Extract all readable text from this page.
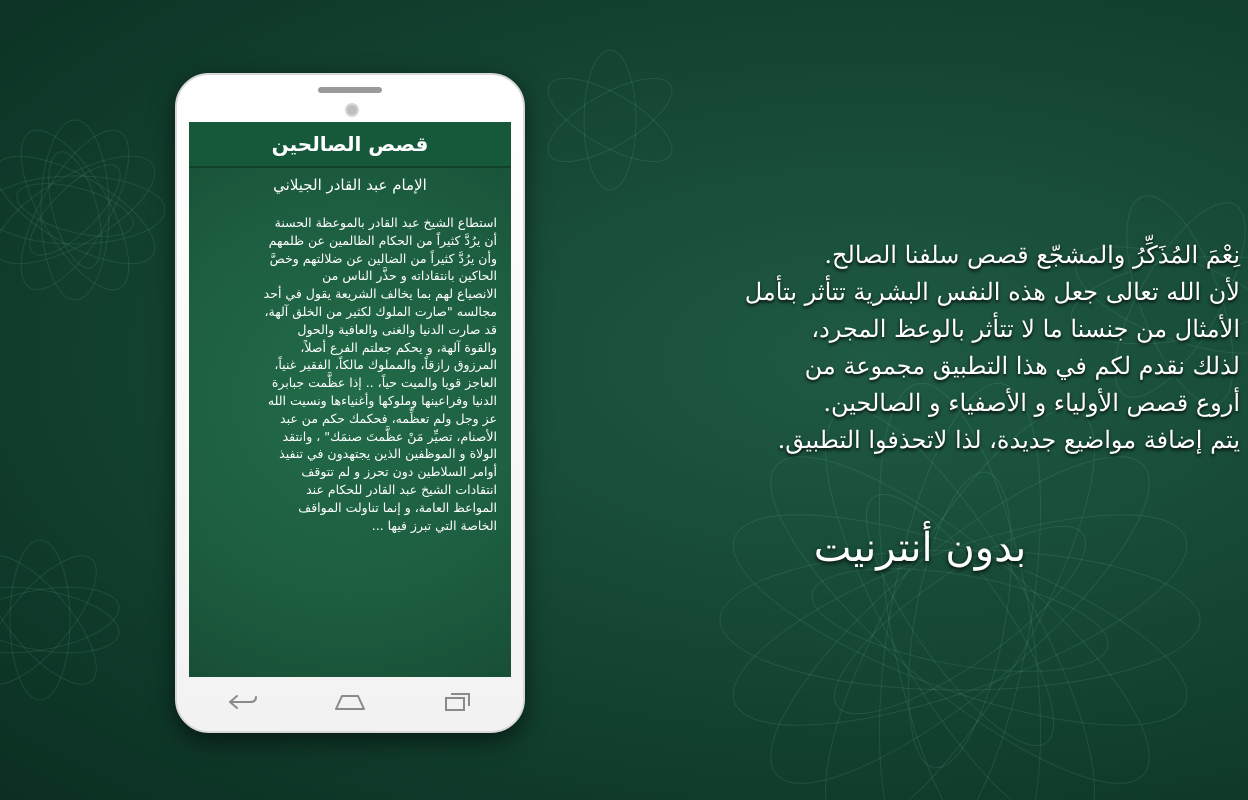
قصص الصالحين
الإمام عبد القادر الجيلاني
استطاع الشيخ عبد القادر بالموعظة الحسنة
أن يرُدَّ كثيراً من الحكام الظالمين عن ظلمهم
وأن يرُدَّ كثيراً من الضالين عن ضلالتهم وخصَّ
الحاكين بانتقاداته و حذَّر الناس من
الانصياع لهم بما يخالف الشريعة يقول في أحد
مجالسه "صارت الملوك لكثير من الخلق آلهة،
قد صارت الدنيا والغنى والعافية والحول
والقوة آلهة، و يحكم جعلتم الفرع أصلاً،
المرزوق رازقاً، والمملوك مالكاً، الفقير غنياً،
العاجز قويا والميت حياً، .. إذا عظَّمت جبابرة
الدنيا وفراعينها وملوكها وأغنياءها ونسيت الله
عز وجل ولم تعظِّمه، فحكمك حكم من عبد
الأصنام، تصيِّر مَنْ عظَّمتَ صنمَك" ، وانتقد
الولاة و الموظفين الذين يجتهدون في تنفيذ
أوامر السلاطين دون تحرز و لم تتوقف
انتقادات الشيخ عبد القادر للحكام عند
المواعظ العامة، و إنما تناولت المواقف
الخاصة التي تبرز فيها ...
نِعْمَ المُذَكِّرُ والمشجّع قصص سلفنا الصالح.
لأن الله تعالى جعل هذه النفس البشرية تتأثر بتأمل
الأمثال من جنسنا ما لا تتأثر بالوعظ المجرد،
لذلك نقدم لكم في هذا التطبيق مجموعة من
أروع قصص الأولياء و الأصفياء و الصالحين.
يتم إضافة مواضيع جديدة، لذا لاتحذفوا التطبيق.
بدون أنترنيت
